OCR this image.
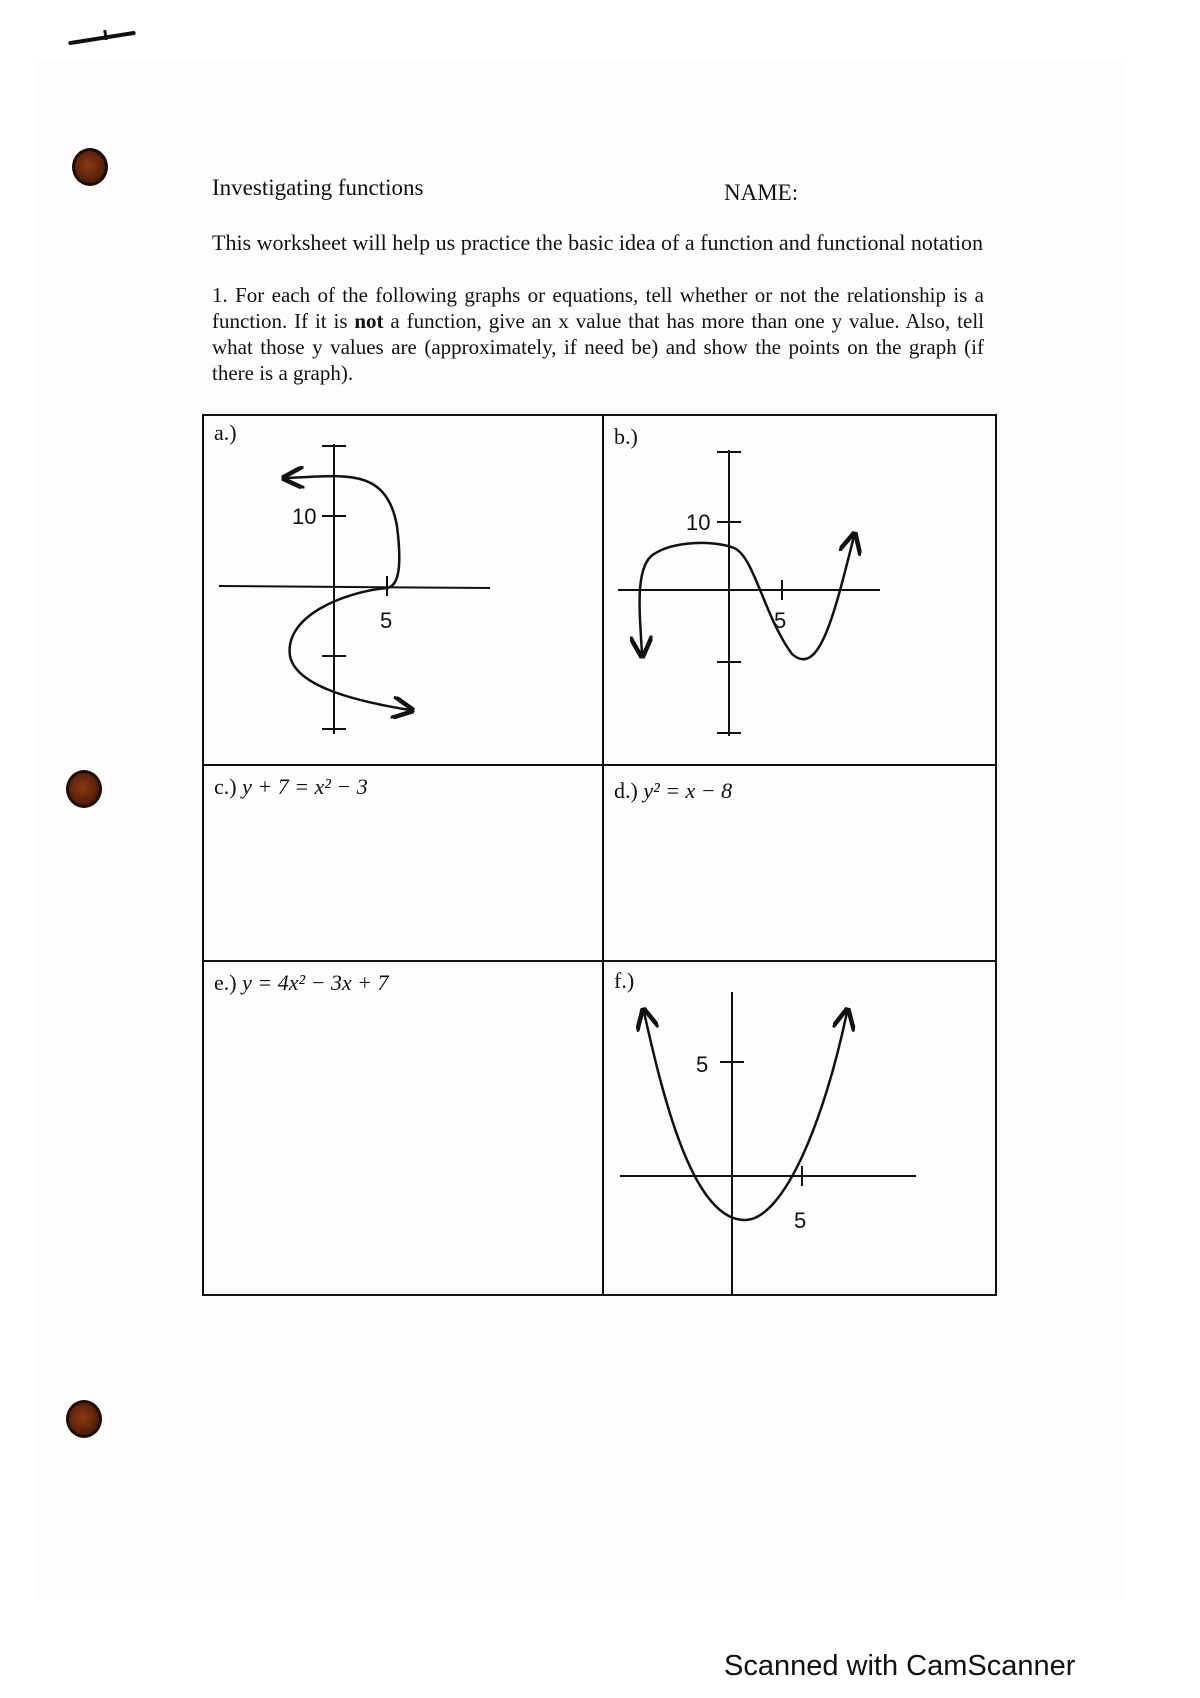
Investigating functions	NAME:
This worksheet will help us practice the basic idea of a function and functional notation
1. For each of the following graphs or equations, tell whether or not the relationship is a function. If it is not a function, give an x value that has more than one y value. Also, tell what those y values are (approximately, if need be) and show the points on the graph (if there is a graph).
a.)
10
5
b.)
10
5
c.) y + 7 = x² − 3	d.) y² = x − 8
e.) y = 4x² − 3x + 7	f.)
5
5
Scanned with CamScanner
